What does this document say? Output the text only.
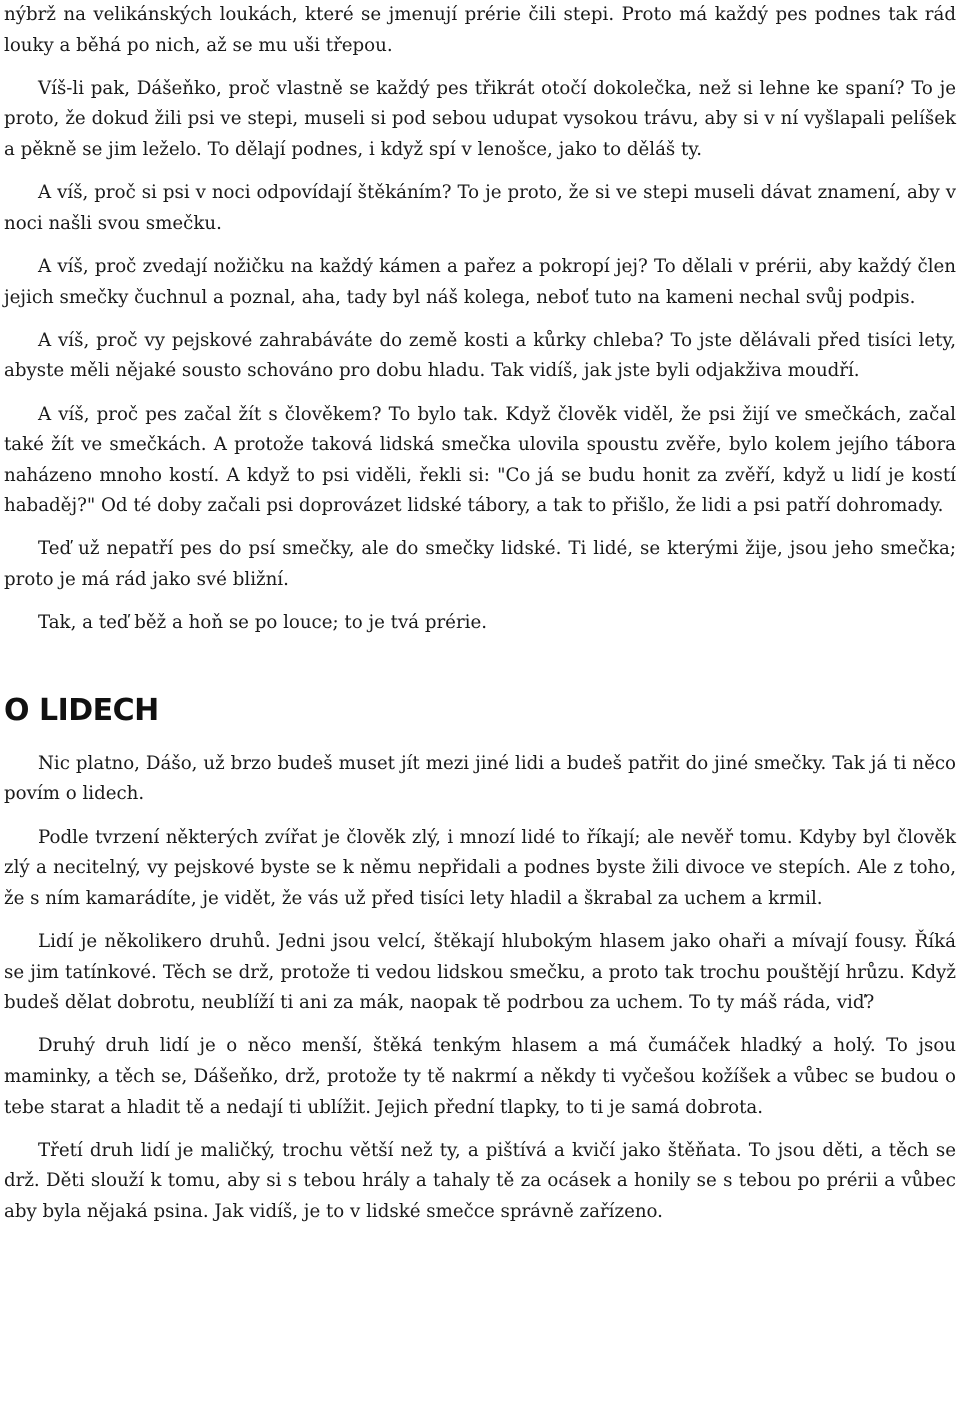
nýbrž na velikánských loukách, které se jmenují prérie čili stepi. Proto má každý pes podnes tak rád louky a běhá po nich, až se mu uši třepou.

Víš-li pak, Dášeňko, proč vlastně se každý pes třikrát otočí dokolečka, než si lehne ke spaní? To je proto, že dokud žili psi ve stepi, museli si pod sebou udupat vysokou trávu, aby si v ní vyšlapali pelíšek a pěkně se jim leželo. To dělají podnes, i když spí v lenošce, jako to děláš ty.

A víš, proč si psi v noci odpovídají štěkáním? To je proto, že si ve stepi museli dávat znamení, aby v noci našli svou smečku.

A víš, proč zvedají nožičku na každý kámen a pařez a pokropí jej? To dělali v prérii, aby každý člen jejich smečky čuchnul a poznal, aha, tady byl náš kolega, neboť tuto na kameni nechal svůj podpis.

A víš, proč vy pejskové zahrabáváte do země kosti a kůrky chleba? To jste dělávali před tisíci lety, abyste měli nějaké sousto schováno pro dobu hladu. Tak vidíš, jak jste byli odjakživa moudří.

A víš, proč pes začal žít s člověkem? To bylo tak. Když člověk viděl, že psi žijí ve smečkách, začal také žít ve smečkách. A protože taková lidská smečka ulovila spoustu zvěře, bylo kolem jejího tábora naházeno mnoho kostí. A když to psi viděli, řekli si: "Co já se budu honit za zvěří, když u lidí je kostí habaděj?" Od té doby začali psi doprovázet lidské tábory, a tak to přišlo, že lidi a psi patří dohromady.

Teď už nepatří pes do psí smečky, ale do smečky lidské. Ti lidé, se kterými žije, jsou jeho smečka; proto je má rád jako své bližní.

Tak, a teď běž a hoň se po louce; to je tvá prérie.

O LIDECH

Nic platno, Dášo, už brzo budeš muset jít mezi jiné lidi a budeš patřit do jiné smečky. Tak já ti něco povím o lidech.

Podle tvrzení některých zvířat je člověk zlý, i mnozí lidé to říkají; ale nevěř tomu. Kdyby byl člověk zlý a necitelný, vy pejskové byste se k němu nepřidali a podnes byste žili divoce ve stepích. Ale z toho, že s ním kamarádíte, je vidět, že vás už před tisíci lety hladil a škrabal za uchem a krmil.

Lidí je několikero druhů. Jedni jsou velcí, štěkají hlubokým hlasem jako ohaři a mívají fousy. Říká se jim tatínkové. Těch se drž, protože ti vedou lidskou smečku, a proto tak trochu pouštějí hrůzu. Když budeš dělat dobrotu, neublíží ti ani za mák, naopak tě podrbou za uchem. To ty máš ráda, viď?

Druhý druh lidí je o něco menší, štěká tenkým hlasem a má čumáček hladký a holý. To jsou maminky, a těch se, Dášeňko, drž, protože ty tě nakrmí a někdy ti vyčešou kožíšek a vůbec se budou o tebe starat a hladit tě a nedají ti ublížit. Jejich přední tlapky, to ti je samá dobrota.

Třetí druh lidí je maličký, trochu větší než ty, a pištívá a kvičí jako štěňata. To jsou děti, a těch se drž. Děti slouží k tomu, aby si s tebou hrály a tahaly tě za ocásek a honily se s tebou po prérii a vůbec aby byla nějaká psina. Jak vidíš, je to v lidské smečce správně zařízeno.
